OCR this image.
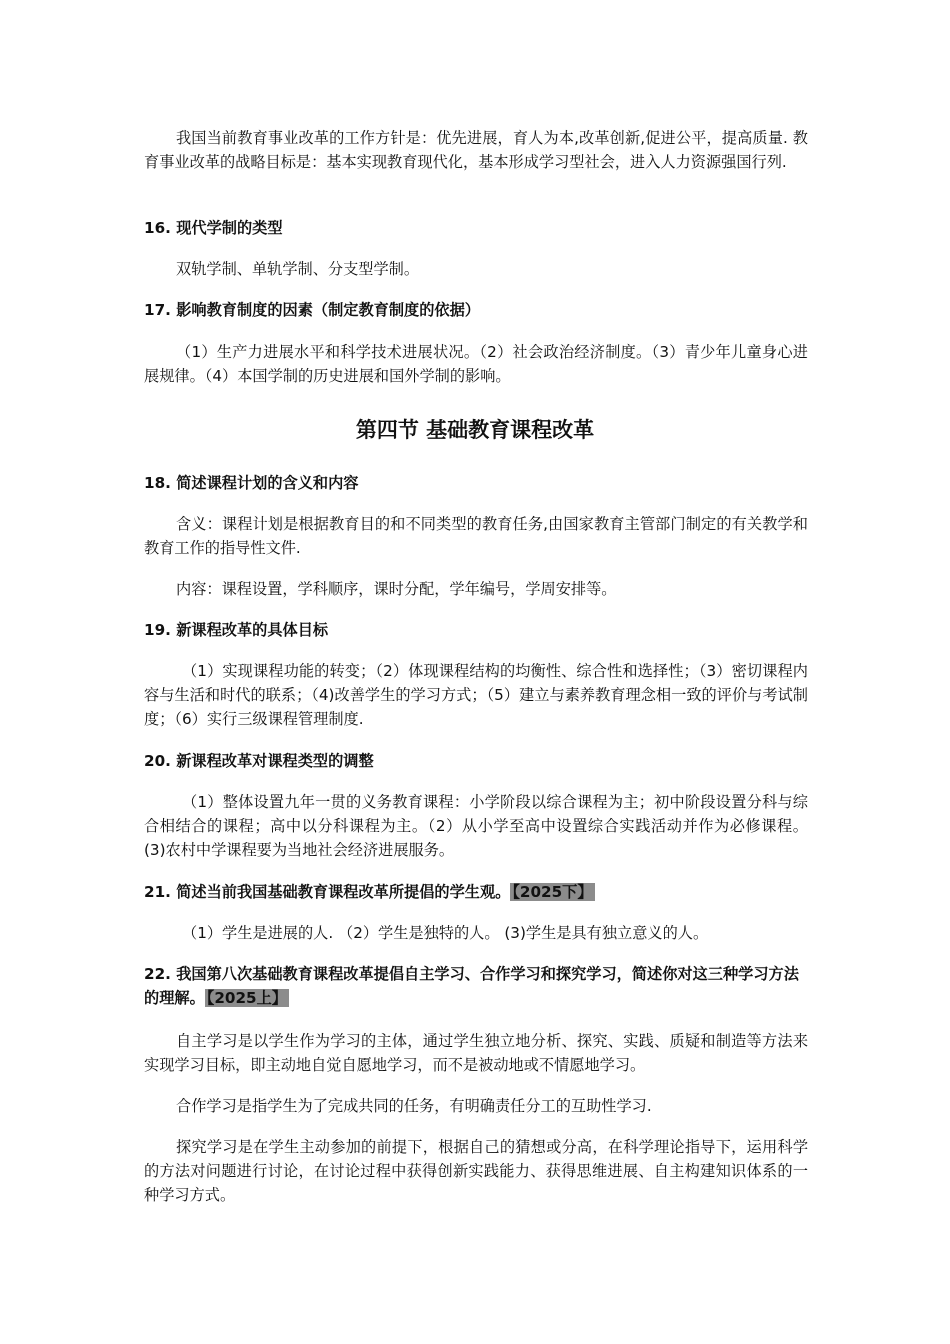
我国当前教育事业改革的工作方针是：优先进展，育人为本,改革创新,促进公平，提高质量. 教育事业改革的战略目标是：基本实现教育现代化，基本形成学习型社会，进入人力资源强国行列.

16. 现代学制的类型

双轨学制、单轨学制、分支型学制。

17. 影响教育制度的因素（制定教育制度的依据）

（1）生产力进展水平和科学技术进展状况。（2）社会政治经济制度。（3）青少年儿童身心进展规律。（4）本国学制的历史进展和国外学制的影响。

第四节 基础教育课程改革

18. 简述课程计划的含义和内容

含义：课程计划是根据教育目的和不同类型的教育任务,由国家教育主管部门制定的有关教学和教育工作的指导性文件.

内容：课程设置，学科顺序，课时分配，学年编号，学周安排等。

19. 新课程改革的具体目标

（1）实现课程功能的转变；（2）体现课程结构的均衡性、综合性和选择性；（3）密切课程内容与生活和时代的联系；（4)改善学生的学习方式；（5）建立与素养教育理念相一致的评价与考试制度；（6）实行三级课程管理制度.

20. 新课程改革对课程类型的调整

（1）整体设置九年一贯的义务教育课程：小学阶段以综合课程为主；初中阶段设置分科与综合相结合的课程；高中以分科课程为主。（2）从小学至高中设置综合实践活动并作为必修课程。 (3)农村中学课程要为当地社会经济进展服务。

21. 简述当前我国基础教育课程改革所提倡的学生观。 【2025下】

（1）学生是进展的人. （2）学生是独特的人。 (3)学生是具有独立意义的人。

22. 我国第八次基础教育课程改革提倡自主学习、合作学习和探究学习，简述你对这三种学习方法的理解。 【2025上】

自主学习是以学生作为学习的主体，通过学生独立地分析、探究、实践、质疑和制造等方法来实现学习目标，即主动地自觉自愿地学习，而不是被动地或不情愿地学习。

合作学习是指学生为了完成共同的任务，有明确责任分工的互助性学习.

探究学习是在学生主动参加的前提下，根据自己的猜想或分高，在科学理论指导下，运用科学的方法对问题进行讨论，在讨论过程中获得创新实践能力、获得思维进展、自主构建知识体系的一种学习方式。
